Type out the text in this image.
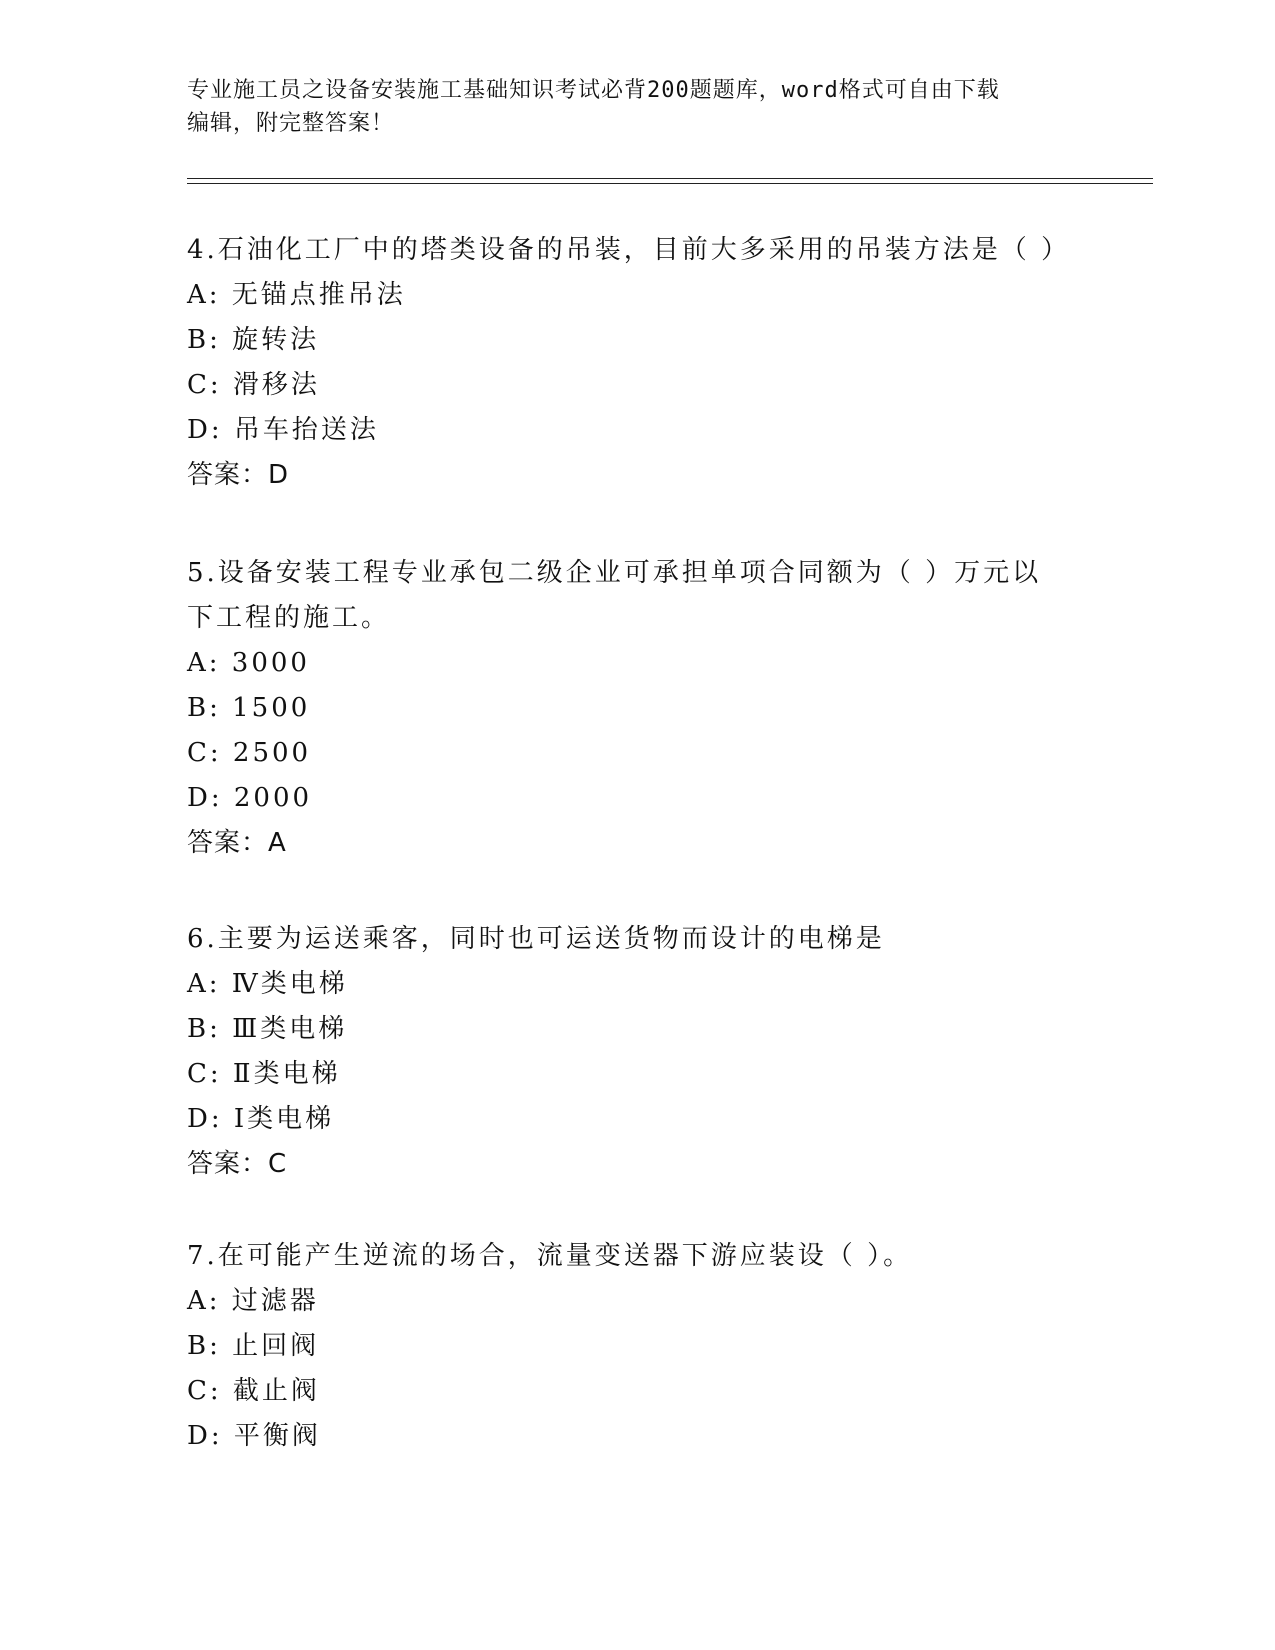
专业施工员之设备安装施工基础知识考试必背200题题库，word格式可自由下载
编辑，附完整答案！

4.石油化工厂中的塔类设备的吊装，目前大多采用的吊装方法是（ ）

A: 无锚点推吊法

B: 旋转法

C: 滑移法

D: 吊车抬送法

答案：D

5.设备安装工程专业承包二级企业可承担单项合同额为（ ）万元以下工程的施工。

A: 3000

B: 1500

C: 2500

D: 2000

答案：A

6.主要为运送乘客，同时也可运送货物而设计的电梯是

A: Ⅳ类电梯

B: Ⅲ类电梯

C: Ⅱ类电梯

D: Ⅰ类电梯

答案：C

7.在可能产生逆流的场合，流量变送器下游应装设（ ）。

A: 过滤器

B: 止回阀

C: 截止阀

D: 平衡阀
